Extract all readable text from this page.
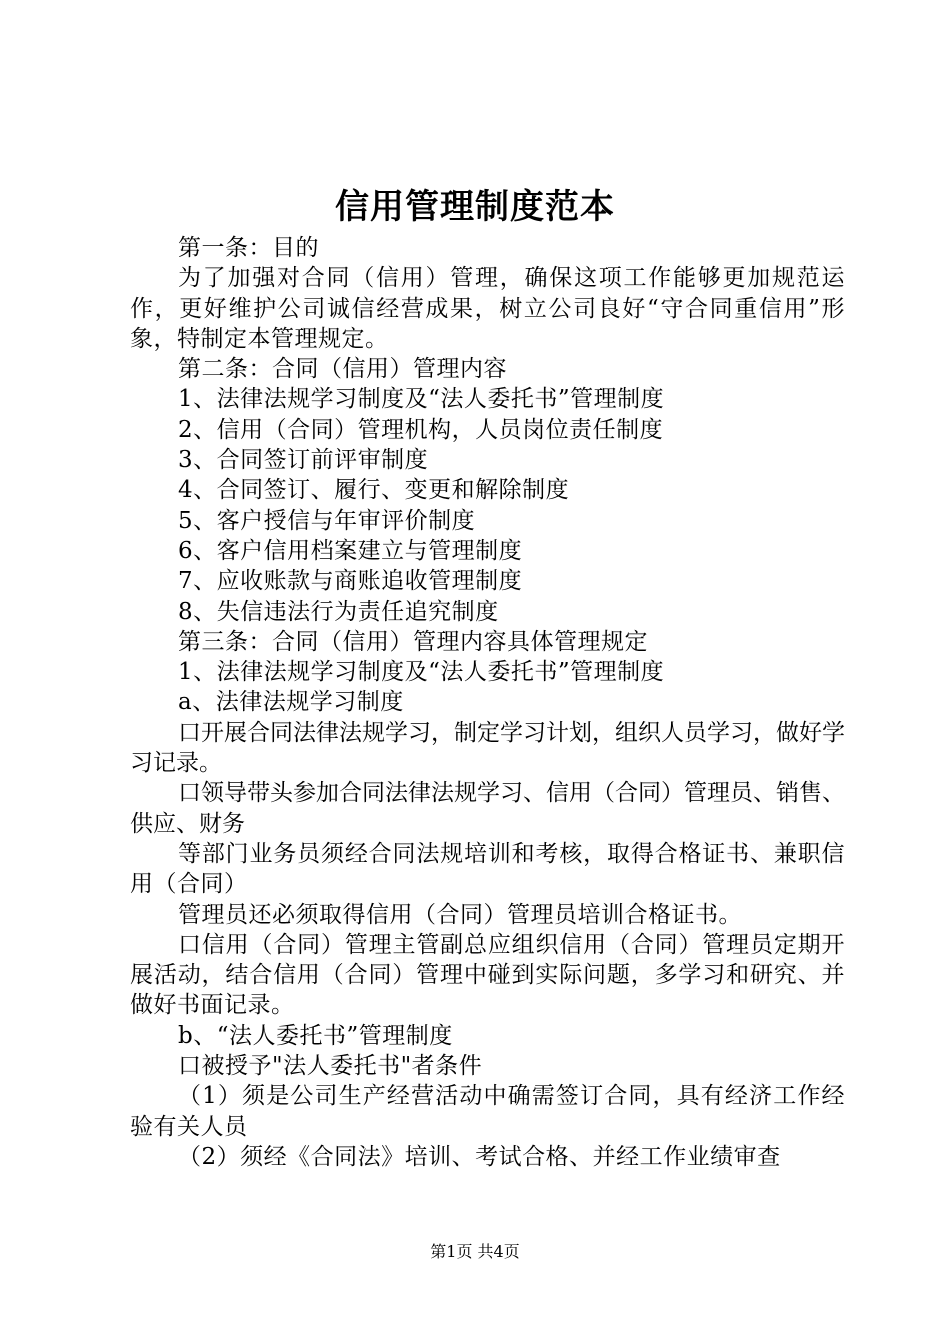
信用管理制度范本

第一条：目的

为了加强对合同（信用）管理，确保这项工作能够更加规范运作，更好维护公司诚信经营成果，树立公司良好“守合同重信用”形象，特制定本管理规定。

第二条：合同（信用）管理内容

1、法律法规学习制度及“法人委托书”管理制度

2、信用（合同）管理机构，人员岗位责任制度

3、合同签订前评审制度

4、合同签订、履行、变更和解除制度

5、客户授信与年审评价制度

6、客户信用档案建立与管理制度

7、应收账款与商账追收管理制度

8、失信违法行为责任追究制度

第三条：合同（信用）管理内容具体管理规定

1、法律法规学习制度及“法人委托书”管理制度

a、法律法规学习制度

口开展合同法律法规学习，制定学习计划，组织人员学习，做好学习记录。

口领导带头参加合同法律法规学习、信用（合同）管理员、销售、供应、财务

等部门业务员须经合同法规培训和考核，取得合格证书、兼职信用（合同）

管理员还必须取得信用（合同）管理员培训合格证书。

口信用（合同）管理主管副总应组织信用（合同）管理员定期开展活动，结合信用（合同）管理中碰到实际问题，多学习和研究、并做好书面记录。

b、“法人委托书”管理制度

口被授予"法人委托书"者条件

（1）须是公司生产经营活动中确需签订合同，具有经济工作经验有关人员

（2）须经《合同法》培训、考试合格、并经工作业绩审查

第1页 共4页
